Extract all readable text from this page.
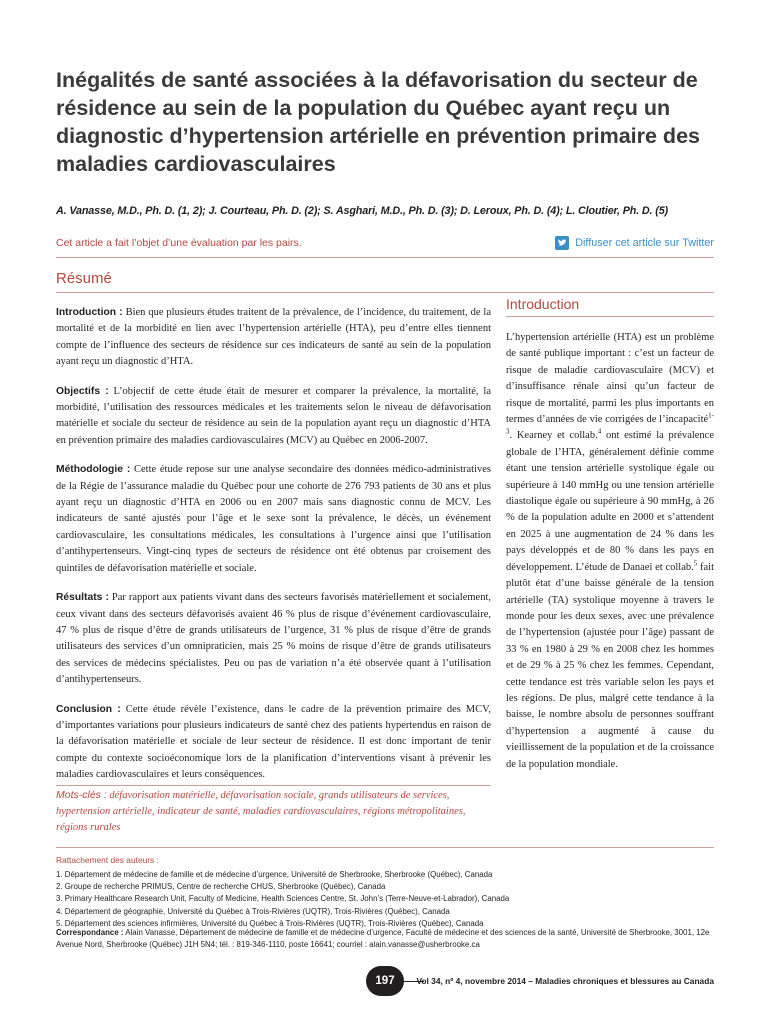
Inégalités de santé associées à la défavorisation du secteur de résidence au sein de la population du Québec ayant reçu un diagnostic d’hypertension artérielle en prévention primaire des maladies cardiovasculaires
A. Vanasse, M.D., Ph. D. (1, 2); J. Courteau, Ph. D. (2); S. Asghari, M.D., Ph. D. (3); D. Leroux, Ph. D. (4); L. Cloutier, Ph. D. (5)
Cet article a fait l’objet d’une évaluation par les pairs.	Diffuser cet article sur Twitter
Résumé

Introduction : Bien que plusieurs études traitent de la prévalence, de l’incidence, du traitement, de la mortalité et de la morbidité en lien avec l’hypertension artérielle (HTA), peu d’entre elles tiennent compte de l’influence des secteurs de résidence sur ces indicateurs de santé au sein de la population ayant reçu un diagnostic d’HTA.

Objectifs : L’objectif de cette étude était de mesurer et comparer la prévalence, la mortalité, la morbidité, l’utilisation des ressources médicales et les traitements selon le niveau de défavorisation matérielle et sociale du secteur de résidence au sein de la population ayant reçu un diagnostic d’HTA en prévention primaire des maladies cardiovasculaires (MCV) au Québec en 2006-2007.

Méthodologie : Cette étude repose sur une analyse secondaire des données médico-administratives de la Régie de l’assurance maladie du Québec pour une cohorte de 276 793 patients de 30 ans et plus ayant reçu un diagnostic d’HTA en 2006 ou en 2007 mais sans diagnostic connu de MCV. Les indicateurs de santé ajustés pour l’âge et le sexe sont la prévalence, le décès, un événement cardiovasculaire, les consultations médicales, les consultations à l’urgence ainsi que l’utilisation d’antihypertenseurs. Vingt-cinq types de secteurs de résidence ont été obtenus par croisement des quintiles de défavorisation matérielle et sociale.

Résultats : Par rapport aux patients vivant dans des secteurs favorisés matériellement et socialement, ceux vivant dans des secteurs défavorisés avaient 46 % plus de risque d’événement cardiovasculaire, 47 % plus de risque d’être de grands utilisateurs de l’urgence, 31 % plus de risque d’être de grands utilisateurs des services d’un omnipraticien, mais 25 % moins de risque d’être de grands utilisateurs des services de médecins spécialistes. Peu ou pas de variation n’a été observée quant à l’utilisation d’antihypertenseurs.

Conclusion : Cette étude révèle l’existence, dans le cadre de la prévention primaire des MCV, d’importantes variations pour plusieurs indicateurs de santé chez des patients hypertendus en raison de la défavorisation matérielle et sociale de leur secteur de résidence. Il est donc important de tenir compte du contexte socioéconomique lors de la planification d’interventions visant à prévenir les maladies cardiovasculaires et leurs conséquences.

Mots-clés : défavorisation matérielle, défavorisation sociale, grands utilisateurs de services, hypertension artérielle, indicateur de santé, maladies cardiovasculaires, régions métropolitaines, régions rurales
Introduction
L’hypertension artérielle (HTA) est un problème de santé publique important : c’est un facteur de risque de maladie cardiovasculaire (MCV) et d’insuffisance rénale ainsi qu’un facteur de risque de mortalité, parmi les plus importants en termes d’années de vie corrigées de l’incapacité$^{1-3}$. Kearney et collab.$^4$ ont estimé la prévalence globale de l’HTA, généralement définie comme étant une tension artérielle systolique égale ou supérieure à 140 mmHg ou une tension artérielle diastolique égale ou supérieure à 90 mmHg, à 26 % de la population adulte en 2000 et s’attendent en 2025 à une augmentation de 24 % dans les pays développés et de 80 % dans les pays en développement. L’étude de Danaei et collab.$^5$ fait plutôt état d’une baisse générale de la tension artérielle (TA) systolique moyenne à travers le monde pour les deux sexes, avec une prévalence de l’hypertension (ajustée pour l’âge) passant de 33 % en 1980 à 29 % en 2008 chez les hommes et de 29 % à 25 % chez les femmes. Cependant, cette tendance est très variable selon les pays et les régions. De plus, malgré cette tendance à la baisse, le nombre absolu de personnes souffrant d’hypertension a augmenté à cause du vieillissement de la population et de la croissance de la population mondiale.
Rattachement des auteurs :
1. Département de médecine de famille et de médecine d’urgence, Université de Sherbrooke, Sherbrooke (Québec), Canada
2. Groupe de recherche PRIMUS, Centre de recherche CHUS, Sherbrooke (Québec), Canada
3. Primary Healthcare Research Unit, Faculty of Medicine, Health Sciences Centre, St. John’s (Terre-Neuve-et-Labrador), Canada
4. Département de géographie, Université du Québec à Trois-Rivières (UQTR), Trois-Rivières (Québec), Canada
5. Département des sciences infirmières, Université du Québec à Trois-Rivières (UQTR), Trois-Rivières (Québec), Canada
Correspondance : Alain Vanasse, Département de médecine de famille et de médecine d’urgence, Faculté de médecine et des sciences de la santé, Université de Sherbrooke, 3001, 12e Avenue Nord, Sherbrooke (Québec) J1H 5N4; tél. : 819-346-1110, poste 16641; courriel : alain.vanasse@usherbrooke.ca
197	Vol 34, nº 4, novembre 2014 – Maladies chroniques et blessures au Canada
